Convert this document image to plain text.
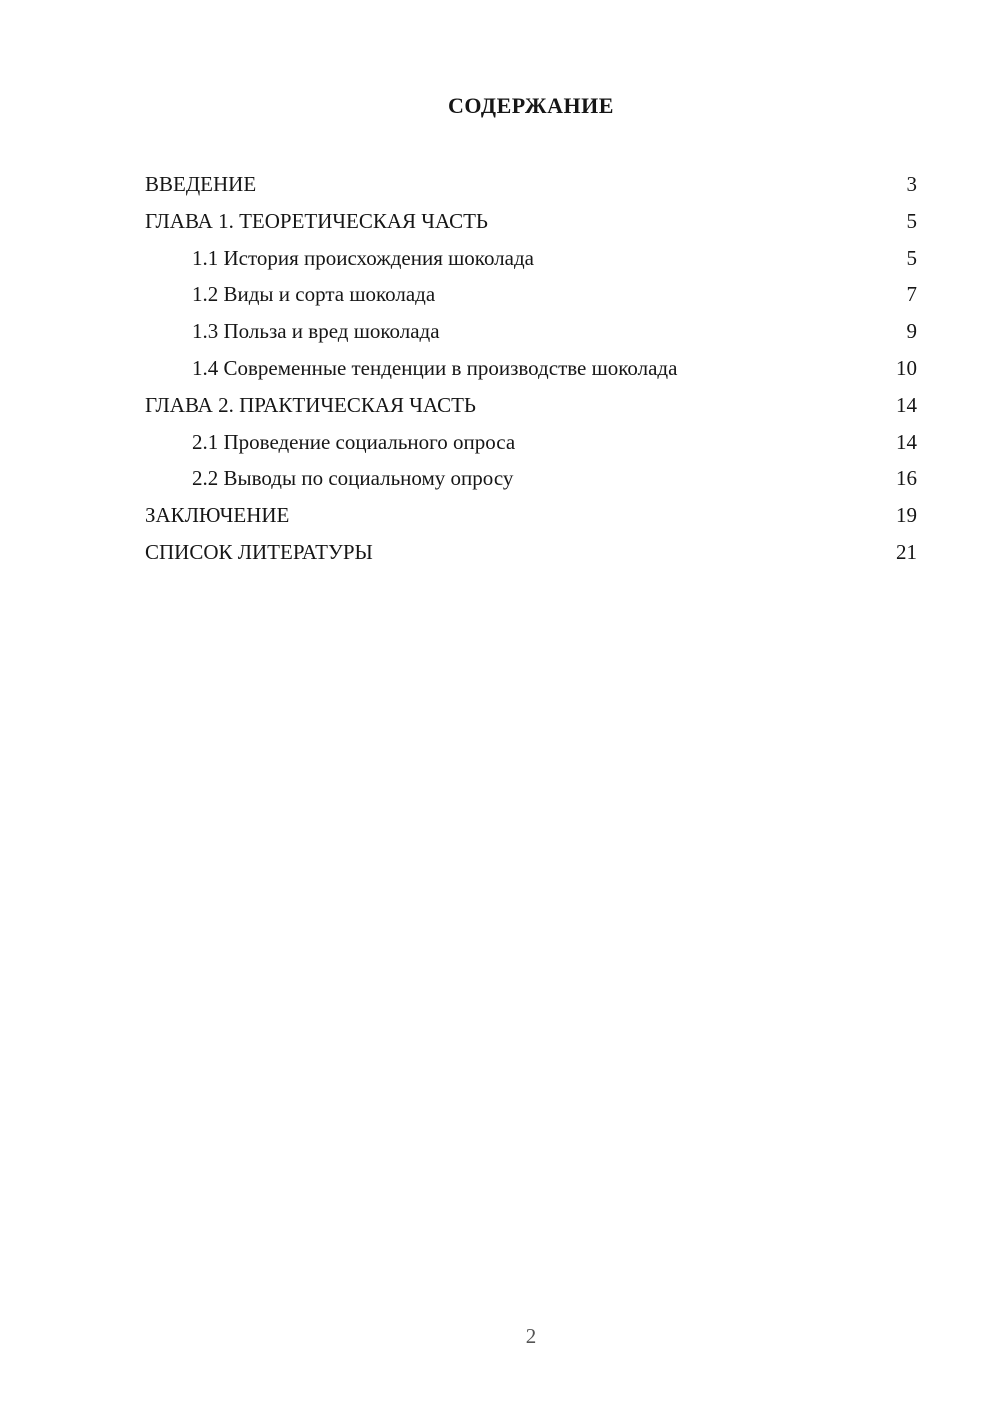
СОДЕРЖАНИЕ
ВВЕДЕНИЕ	3
ГЛАВА 1. ТЕОРЕТИЧЕСКАЯ ЧАСТЬ	5
1.1 История происхождения шоколада	5
1.2 Виды и сорта шоколада	7
1.3 Польза и вред шоколада	9
1.4 Современные тенденции в производстве шоколада	10
ГЛАВА 2. ПРАКТИЧЕСКАЯ ЧАСТЬ	14
2.1 Проведение социального опроса	14
2.2 Выводы по социальному опросу	16
ЗАКЛЮЧЕНИЕ	19
СПИСОК ЛИТЕРАТУРЫ	21
2
